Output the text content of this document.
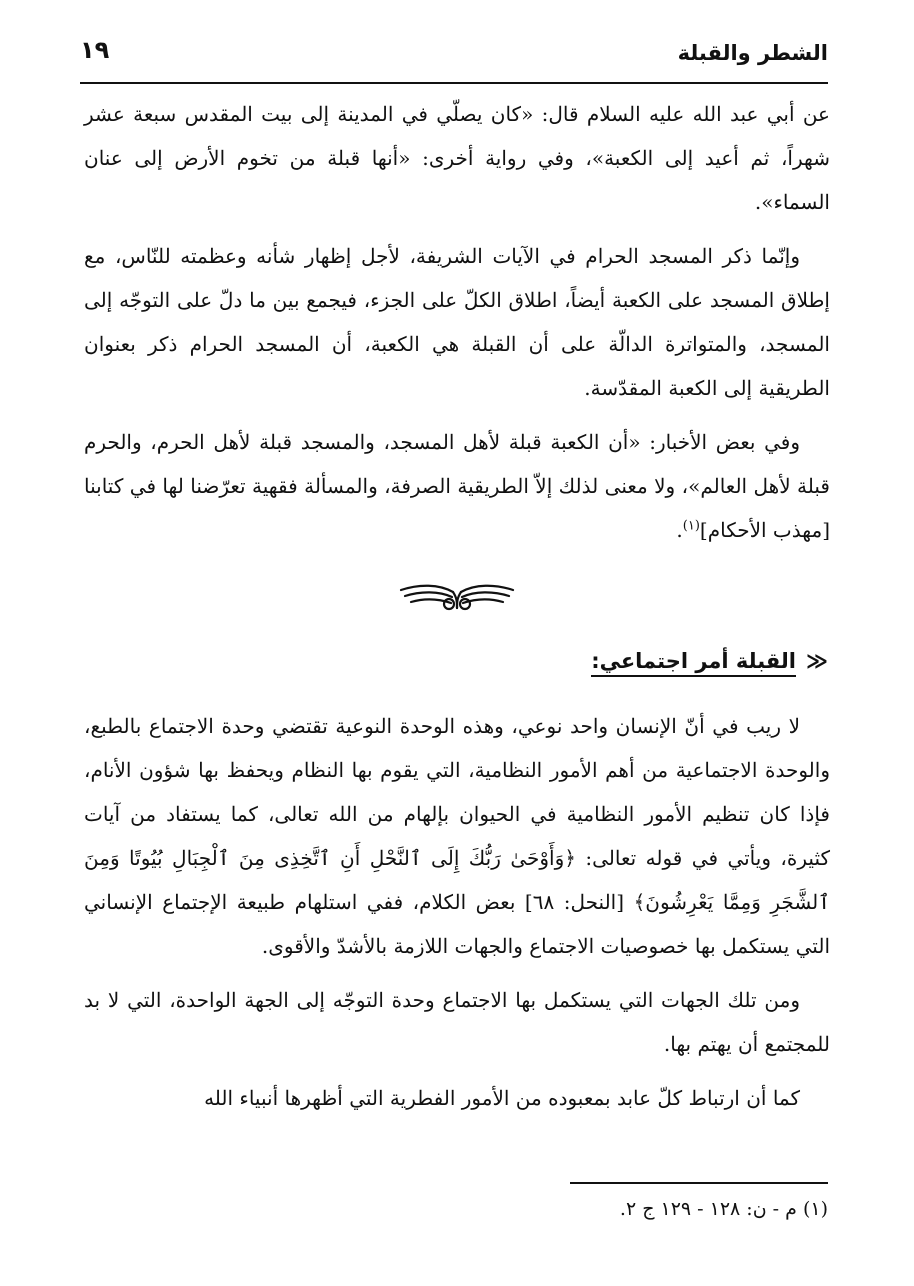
الشطر والقبلة
١٩

عن أبي عبد الله عليه السلام قال: «كان يصلّي في المدينة إلى بيت المقدس سبعة عشر شهراً، ثم أعيد إلى الكعبة»، وفي رواية أخرى: «أنها قبلة من تخوم الأرض إلى عنان السماء».

وإنّما ذكر المسجد الحرام في الآيات الشريفة، لأجل إظهار شأنه وعظمته للنّاس، مع إطلاق المسجد على الكعبة أيضاً، اطلاق الكلّ على الجزء، فيجمع بين ما دلّ على التوجّه إلى المسجد، والمتواترة الدالّة على أن القبلة هي الكعبة، أن المسجد الحرام ذكر بعنوان الطريقية إلى الكعبة المقدّسة.

وفي بعض الأخبار: «أن الكعبة قبلة لأهل المسجد، والمسجد قبلة لأهل الحرم، والحرم قبلة لأهل العالم»، ولا معنى لذلك إلاّ الطريقية الصرفة، والمسألة فقهية تعرّضنا لها في كتابنا [مهذب الأحكام]$^{(١)}$.

≪القبلة أمر اجتماعي:

لا ريب في أنّ الإنسان واحد نوعي، وهذه الوحدة النوعية تقتضي وحدة الاجتماع بالطبع، والوحدة الاجتماعية من أهم الأمور النظامية، التي يقوم بها النظام ويحفظ بها شؤون الأنام، فإذا كان تنظيم الأمور النظامية في الحيوان بإلهام من الله تعالى، كما يستفاد من آيات كثيرة، ويأتي في قوله تعالى: ﴿وَأَوْحَىٰ رَبُّكَ إِلَى ٱلنَّحْلِ أَنِ ٱتَّخِذِى مِنَ ٱلْجِبَالِ بُيُوتًا وَمِنَ ٱلشَّجَرِ وَمِمَّا يَعْرِشُونَ﴾ [النحل: ٦٨] بعض الكلام، ففي استلهام طبيعة الإجتماع الإنساني التي يستكمل بها خصوصيات الاجتماع والجهات اللازمة بالأشدّ والأقوى.

ومن تلك الجهات التي يستكمل بها الاجتماع وحدة التوجّه إلى الجهة الواحدة، التي لا بد للمجتمع أن يهتم بها.

كما أن ارتباط كلّ عابد بمعبوده من الأمور الفطرية التي أظهرها أنبياء الله

(١) م - ن: ١٢٨ - ١٢٩ ج ٢.
